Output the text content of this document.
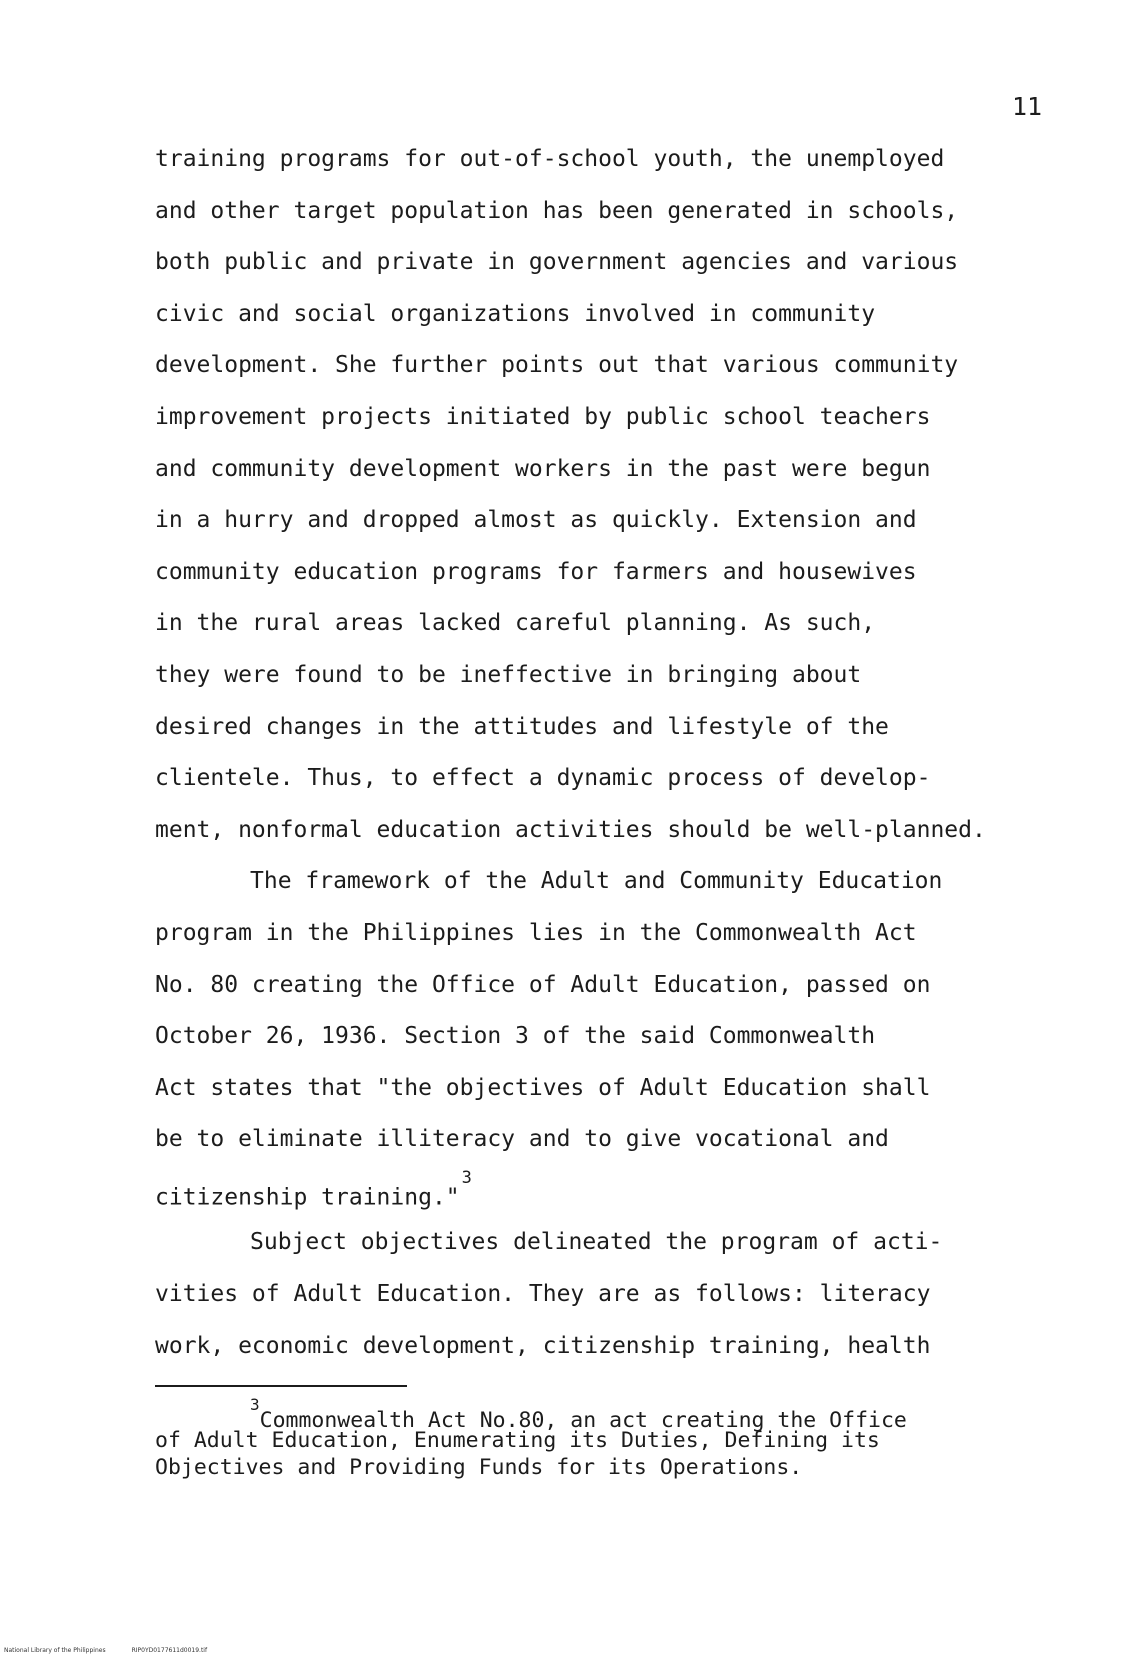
11
training programs for out-of-school youth, the unemployed
and other target population has been generated in schools,
both public and private in government agencies and various
civic and social organizations involved in community
development. She further points out that various community
improvement projects initiated by public school teachers
and community development workers in the past were begun
in a hurry and dropped almost as quickly. Extension and
community education programs for farmers and housewives
in the rural areas lacked careful planning. As such,
they were found to be ineffective in bringing about
desired changes in the attitudes and lifestyle of the
clientele. Thus, to effect a dynamic process of develop-
ment, nonformal education activities should be well-planned.
The framework of the Adult and Community Education
program in the Philippines lies in the Commonwealth Act
No. 80 creating the Office of Adult Education, passed on
October 26, 1936. Section 3 of the said Commonwealth
Act states that "the objectives of Adult Education shall
be to eliminate illiteracy and to give vocational and
citizenship training."$^3$
Subject objectives delineated the program of acti-
vities of Adult Education. They are as follows: literacy
work, economic development, citizenship training, health
$^3$Commonwealth Act No.80, an act creating the Office
of Adult Education, Enumerating its Duties, Defining its
Objectives and Providing Funds for its Operations.
National Library of the Philippines	RIP0YD0177611d0019.tif
